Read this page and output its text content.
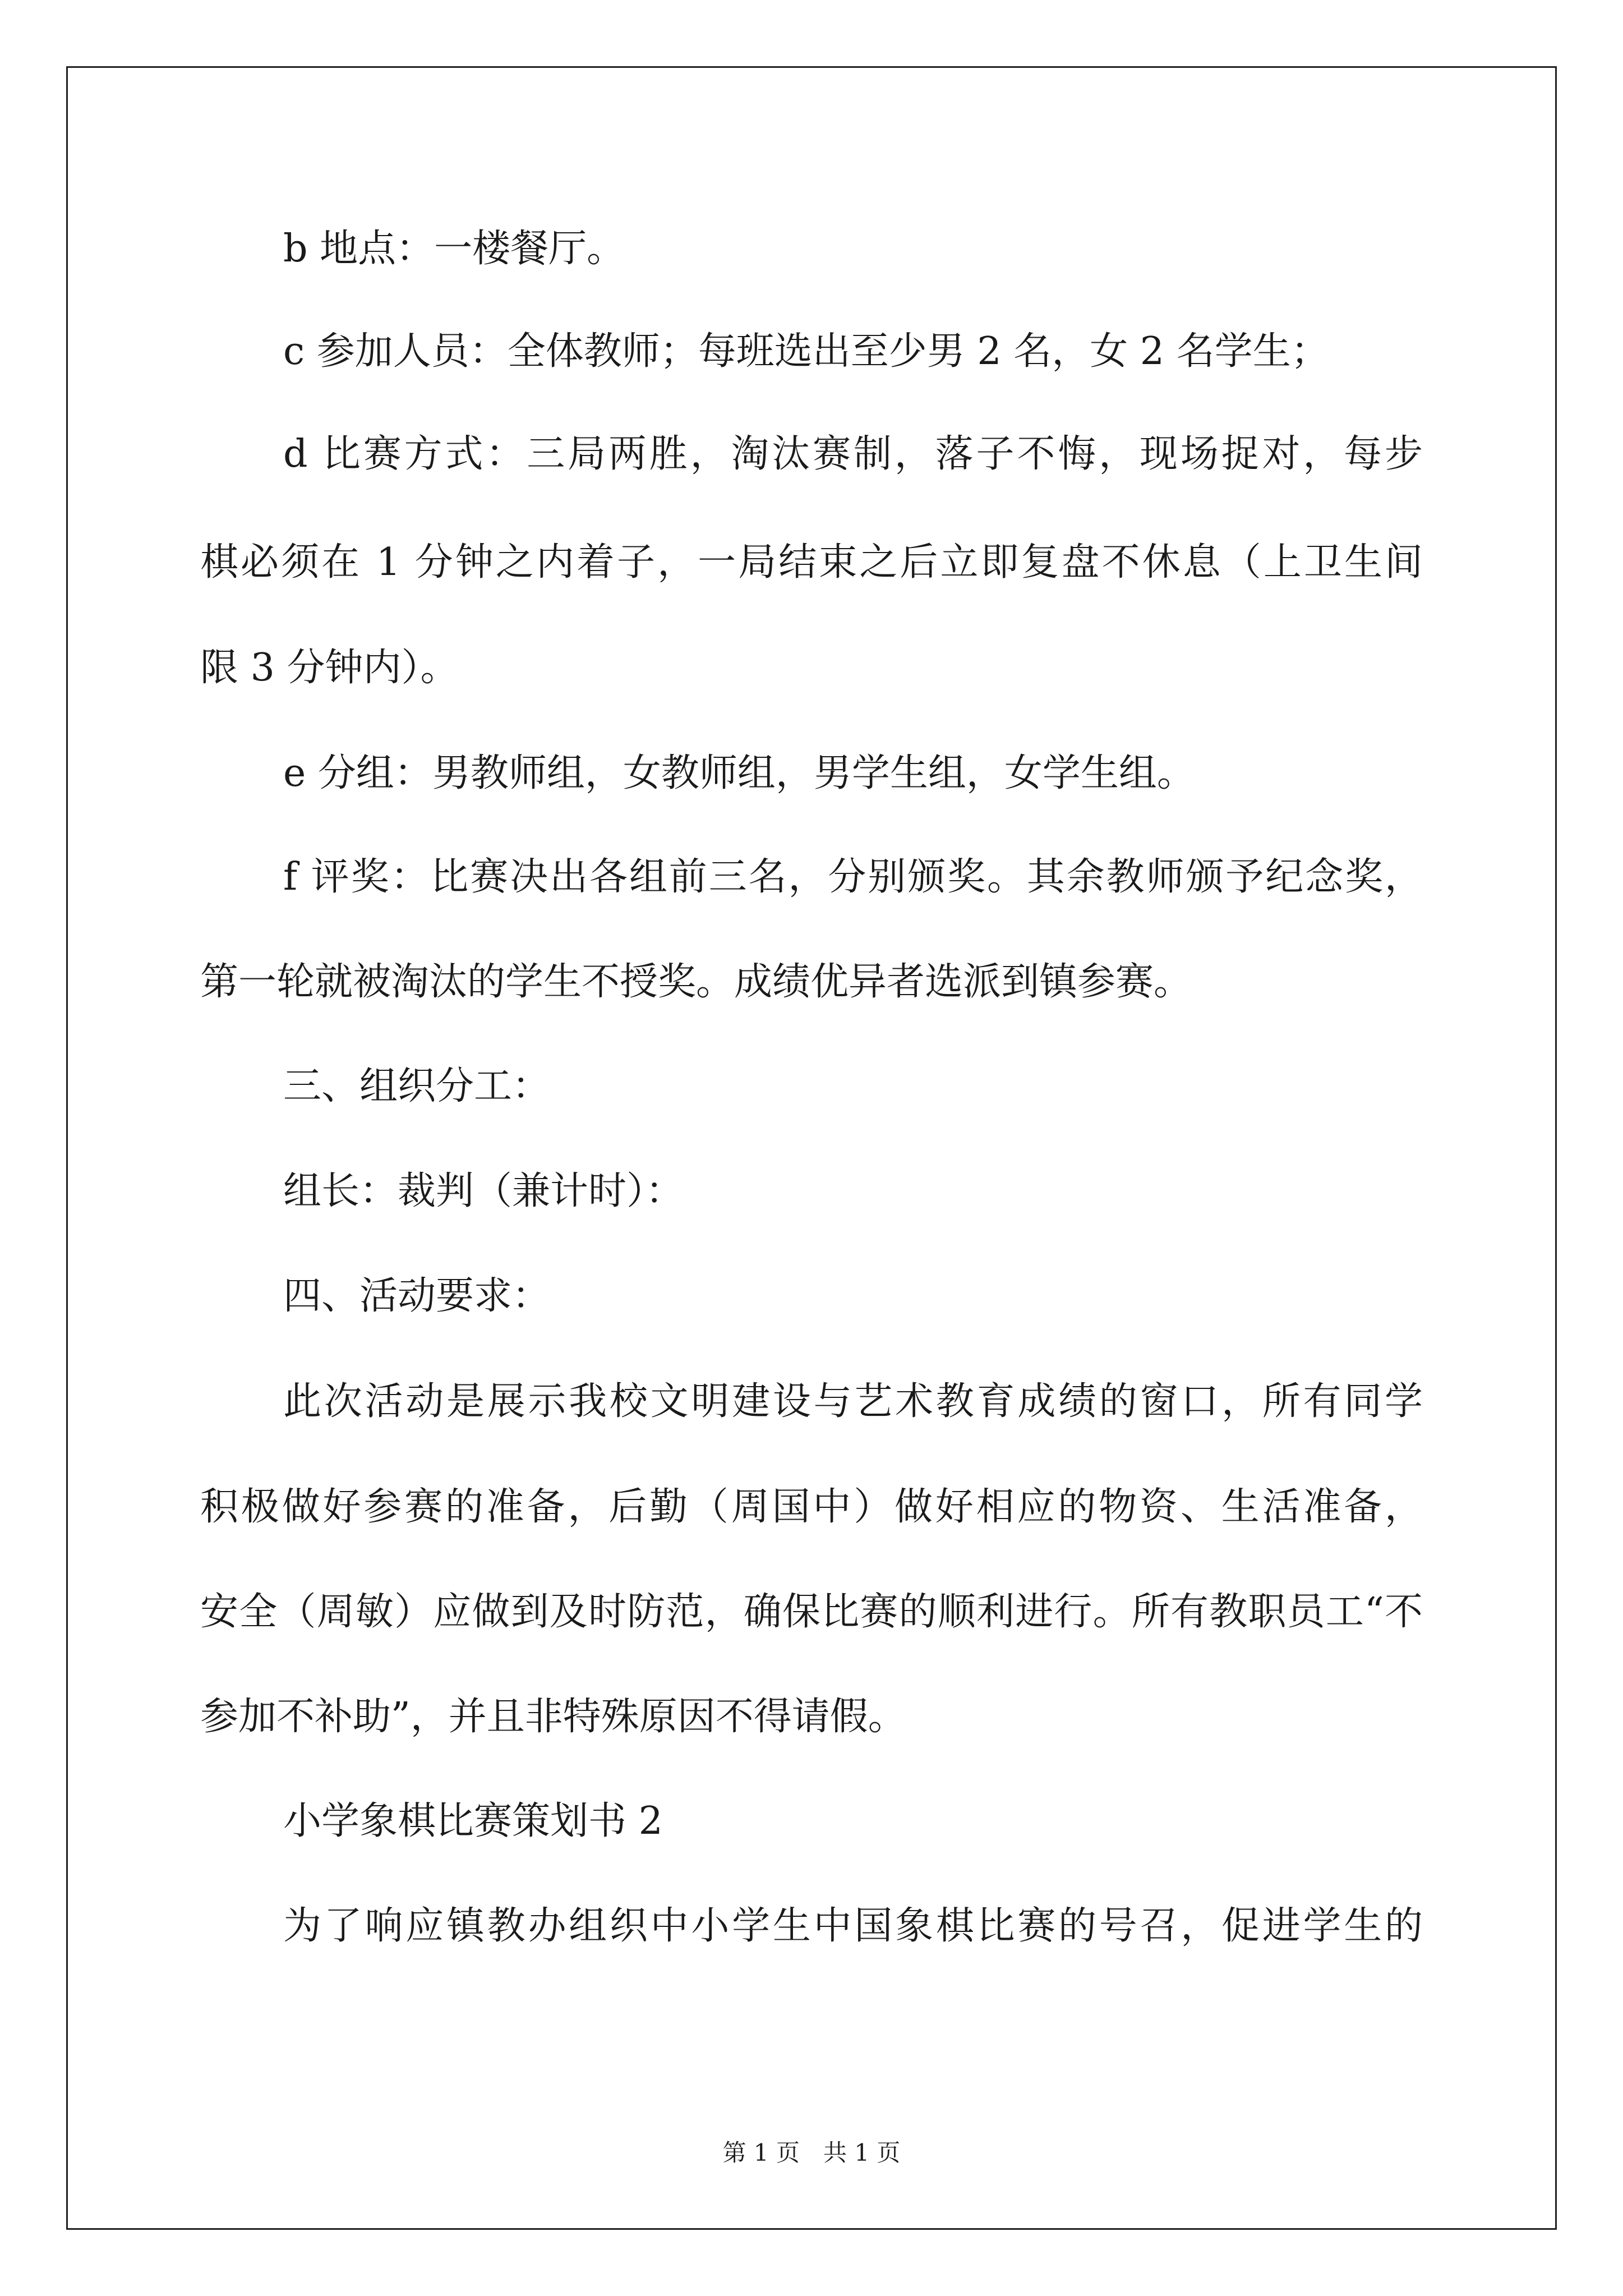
b 地点：一楼餐厅。
c 参加人员：全体教师；每班选出至少男 2 名，女 2 名学生；
d 比赛方式：三局两胜，淘汰赛制，落子不悔，现场捉对，每步
棋必须在 1 分钟之内着子，一局结束之后立即复盘不休息（上卫生间
限 3 分钟内）。
e 分组：男教师组，女教师组，男学生组，女学生组。
f 评奖：比赛决出各组前三名，分别颁奖。其余教师颁予纪念奖，
第一轮就被淘汰的学生不授奖。成绩优异者选派到镇参赛。
三、组织分工：
组长：裁判（兼计时）：
四、活动要求：
此次活动是展示我校文明建设与艺术教育成绩的窗口，所有同学
积极做好参赛的准备，后勤（周国中）做好相应的物资、生活准备，
安全（周敏）应做到及时防范，确保比赛的顺利进行。所有教职员工“不
参加不补助”，并且非特殊原因不得请假。
小学象棋比赛策划书 2
为了响应镇教办组织中小学生中国象棋比赛的号召，促进学生的
第 1 页　共 1 页
